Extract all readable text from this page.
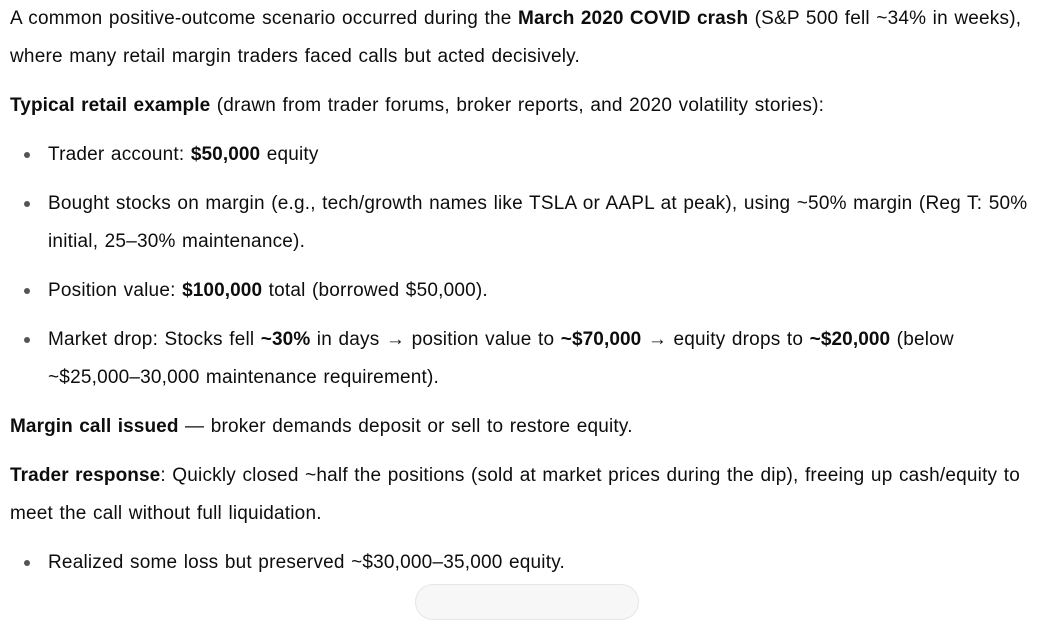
A common positive-outcome scenario occurred during the March 2020 COVID crash (S&P 500 fell ~34% in weeks), where many retail margin traders faced calls but acted decisively.

Typical retail example (drawn from trader forums, broker reports, and 2020 volatility stories):

Trader account: $50,000 equity
Bought stocks on margin (e.g., tech/growth names like TSLA or AAPL at peak), using ~50% margin (Reg T: 50% initial, 25–30% maintenance).
Position value: $100,000 total (borrowed $50,000).
Market drop: Stocks fell ~30% in days → position value to ~$70,000 → equity drops to ~$20,000 (below ~$25,000–30,000 maintenance requirement).

Margin call issued — broker demands deposit or sell to restore equity.

Trader response: Quickly closed ~half the positions (sold at market prices during the dip), freeing up cash/equity to meet the call without full liquidation.

Realized some loss but preserved ~$30,000–35,000 equity.
